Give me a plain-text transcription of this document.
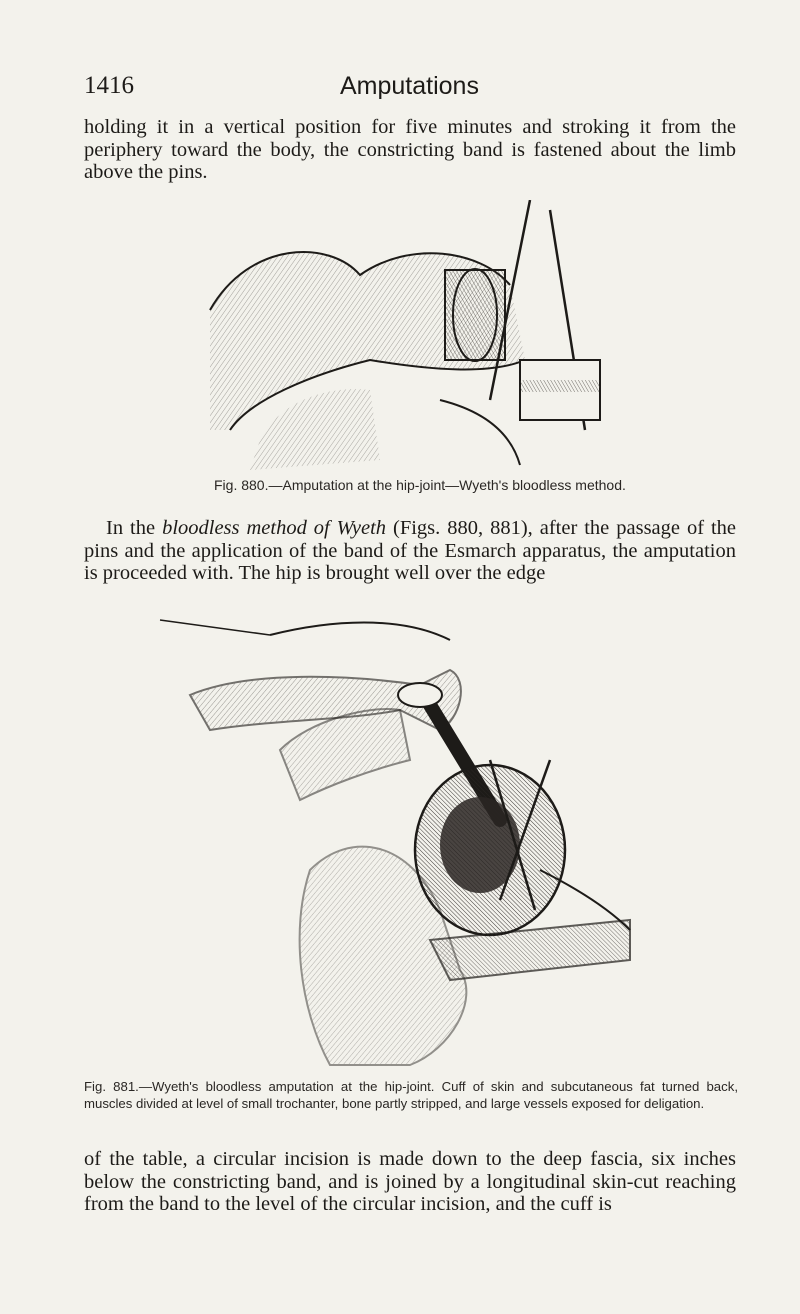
1416	Amputations

holding it in a vertical position for five minutes and stroking it from the periphery toward the body, the constricting band is fastened about the limb above the pins.

Fig. 880.—Amputation at the hip-joint—Wyeth's bloodless method.

In the bloodless method of Wyeth (Figs. 880, 881), after the passage of the pins and the application of the band of the Esmarch apparatus, the amputation is proceeded with. The hip is brought well over the edge

Fig. 881.—Wyeth's bloodless amputation at the hip-joint. Cuff of skin and subcutaneous fat turned back, muscles divided at level of small trochanter, bone partly stripped, and large vessels exposed for deligation.

of the table, a circular incision is made down to the deep fascia, six inches below the constricting band, and is joined by a longitudinal skin-cut reaching from the band to the level of the circular incision, and the cuff is
